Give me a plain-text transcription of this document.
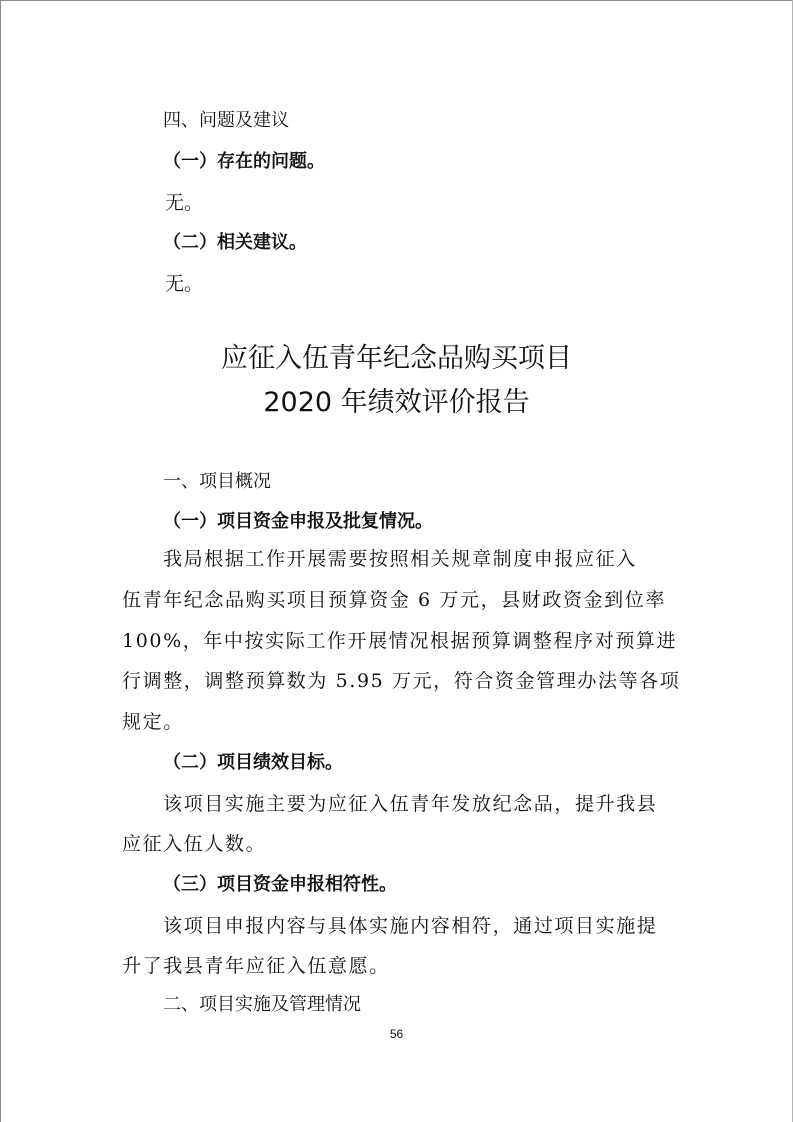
四、问题及建议
（一）存在的问题。
无。
（二）相关建议。
无。
应征入伍青年纪念品购买项目
2020 年绩效评价报告
一、项目概况
（一）项目资金申报及批复情况。
我局根据工作开展需要按照相关规章制度申报应征入
伍青年纪念品购买项目预算资金 6 万元，县财政资金到位率
100%，年中按实际工作开展情况根据预算调整程序对预算进
行调整，调整预算数为 5.95 万元，符合资金管理办法等各项
规定。
（二）项目绩效目标。
该项目实施主要为应征入伍青年发放纪念品，提升我县
应征入伍人数。
（三）项目资金申报相符性。
该项目申报内容与具体实施内容相符，通过项目实施提
升了我县青年应征入伍意愿。
二、项目实施及管理情况
56
